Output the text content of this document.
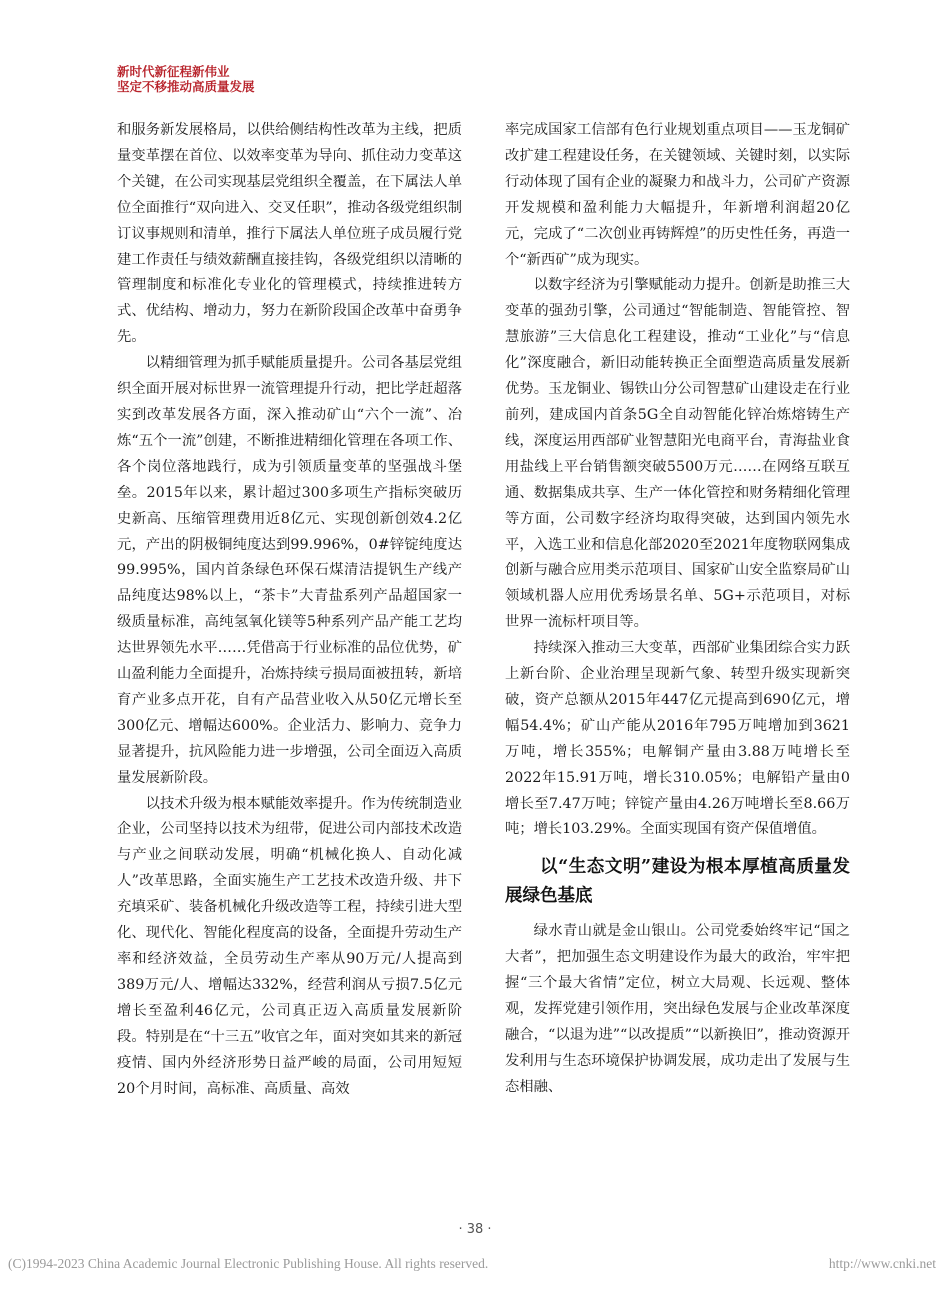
新时代新征程新伟业
坚定不移推动高质量发展

和服务新发展格局，以供给侧结构性改革为主线，把质量变革摆在首位、以效率变革为导向、抓住动力变革这个关键，在公司实现基层党组织全覆盖，在下属法人单位全面推行“双向进入、交叉任职”，推动各级党组织制订议事规则和清单，推行下属法人单位班子成员履行党建工作责任与绩效薪酬直接挂钩，各级党组织以清晰的管理制度和标准化专业化的管理模式，持续推进转方式、优结构、增动力，努力在新阶段国企改革中奋勇争先。

以精细管理为抓手赋能质量提升。公司各基层党组织全面开展对标世界一流管理提升行动，把比学赶超落实到改革发展各方面，深入推动矿山“六个一流”、冶炼“五个一流”创建，不断推进精细化管理在各项工作、各个岗位落地践行，成为引领质量变革的坚强战斗堡垒。2015年以来，累计超过300多项生产指标突破历史新高、压缩管理费用近8亿元、实现创新创效4.2亿元，产出的阴极铜纯度达到99.996%，0#锌锭纯度达99.995%，国内首条绿色环保石煤清洁提钒生产线产品纯度达98%以上，“茶卡”大青盐系列产品超国家一级质量标准，高纯氢氧化镁等5种系列产品产能工艺均达世界领先水平……凭借高于行业标准的品位优势，矿山盈利能力全面提升，冶炼持续亏损局面被扭转，新培育产业多点开花，自有产品营业收入从50亿元增长至300亿元、增幅达600%。企业活力、影响力、竞争力显著提升，抗风险能力进一步增强，公司全面迈入高质量发展新阶段。

以技术升级为根本赋能效率提升。作为传统制造业企业，公司坚持以技术为纽带，促进公司内部技术改造与产业之间联动发展，明确“机械化换人、自动化减人”改革思路，全面实施生产工艺技术改造升级、井下充填采矿、装备机械化升级改造等工程，持续引进大型化、现代化、智能化程度高的设备，全面提升劳动生产率和经济效益，全员劳动生产率从90万元/人提高到389万元/人、增幅达332%，经营利润从亏损7.5亿元增长至盈利46亿元，公司真正迈入高质量发展新阶段。特别是在“十三五”收官之年，面对突如其来的新冠疫情、国内外经济形势日益严峻的局面，公司用短短20个月时间，高标准、高质量、高效

率完成国家工信部有色行业规划重点项目——玉龙铜矿改扩建工程建设任务，在关键领域、关键时刻，以实际行动体现了国有企业的凝聚力和战斗力，公司矿产资源开发规模和盈利能力大幅提升，年新增利润超20亿元，完成了“二次创业再铸辉煌”的历史性任务，再造一个“新西矿”成为现实。

以数字经济为引擎赋能动力提升。创新是助推三大变革的强劲引擎，公司通过“智能制造、智能管控、智慧旅游”三大信息化工程建设，推动“工业化”与“信息化”深度融合，新旧动能转换正全面塑造高质量发展新优势。玉龙铜业、锡铁山分公司智慧矿山建设走在行业前列，建成国内首条5G全自动智能化锌冶炼熔铸生产线，深度运用西部矿业智慧阳光电商平台，青海盐业食用盐线上平台销售额突破5500万元……在网络互联互通、数据集成共享、生产一体化管控和财务精细化管理等方面，公司数字经济均取得突破，达到国内领先水平，入选工业和信息化部2020至2021年度物联网集成创新与融合应用类示范项目、国家矿山安全监察局矿山领域机器人应用优秀场景名单、5G+示范项目，对标世界一流标杆项目等。

持续深入推动三大变革，西部矿业集团综合实力跃上新台阶、企业治理呈现新气象、转型升级实现新突破，资产总额从2015年447亿元提高到690亿元，增幅54.4%；矿山产能从2016年795万吨增加到3621万吨，增长355%；电解铜产量由3.88万吨增长至2022年15.91万吨，增长310.05%；电解铅产量由0增长至7.47万吨；锌锭产量由4.26万吨增长至8.66万吨；增长103.29%。全面实现国有资产保值增值。

以“生态文明”建设为根本厚植高质量发展绿色基底

绿水青山就是金山银山。公司党委始终牢记“国之大者”，把加强生态文明建设作为最大的政治，牢牢把握“三个最大省情”定位，树立大局观、长远观、整体观，发挥党建引领作用，突出绿色发展与企业改革深度融合，“以退为进”“以改提质”“以新换旧”，推动资源开发利用与生态环境保护协调发展，成功走出了发展与生态相融、

· 38 ·
(C)1994-2023 China Academic Journal Electronic Publishing House. All rights reserved.	http://www.cnki.net
